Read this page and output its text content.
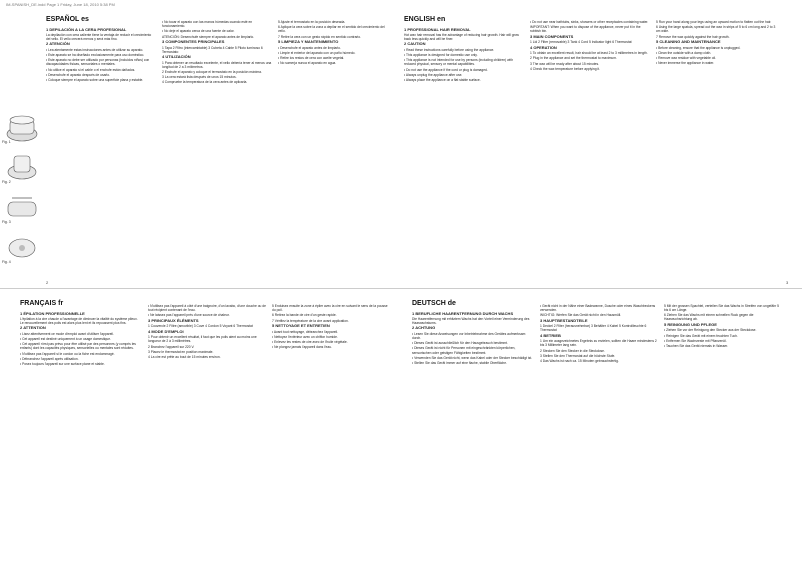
IM-SPANISH_DE.indd Page 1 Friday, June 18, 2010 5:38 PM
Fig. 1
Fig. 2
Fig. 3
Fig. 4
ESPAÑOL es

1 DEPILACIÓN A LA CERA PROFESIONAL

La depilación con cera caliente tiene la ventaja de reducir el crecimiento del vello. El vello crecerá menos y será más fino.

2 ATENCIÓN

• Lea atentamente estas instrucciones antes de utilizar su aparato.

• Este aparato se ha diseñado exclusivamente para uso doméstico.

• Este aparato no debe ser utilizado por personas (incluidos niños) con discapacidades físicas, sensoriales o mentales.

• No utilice el aparato si el cable o el enchufe están dañados.

• Desenchufe el aparato después de usarlo.

• Coloque siempre el aparato sobre una superficie plana y estable.

• No tocar el aparato con las manos húmedas cuando esté en funcionamiento.

• No deje el aparato cerca de una fuente de calor.

ATENCIÓN: Desenchufe siempre el aparato antes de limpiarlo.

3 COMPONENTES PRINCIPALES

1 Tapa 2 Filtro (intercambiable) 3 Cubeta 4 Cable 5 Piloto luminoso 6 Termostato

4 UTILIZACIÓN

1 Para obtener un resultado excelente, el vello debería tener al menos una longitud de 2 a 3 milímetros.

2 Enchufe el aparato y coloque el termostato en la posición máxima.

3 La cera estará lista después de unos 15 minutos.

4 Compruebe la temperatura de la cera antes de aplicarla.

5 Ajuste el termostato en la posición deseada.

6 Aplique la cera sobre la zona a depilar en el sentido del crecimiento del vello.

7 Retire la cera con un gesto rápido en sentido contrario.

5 LIMPIEZA Y MANTENIMIENTO

• Desenchufe el aparato antes de limpiarlo.

• Limpie el exterior del aparato con un paño húmedo.

• Retire los restos de cera con aceite vegetal.

• No sumerja nunca el aparato en agua.

ENGLISH en

1 PROFESSIONAL HAIR REMOVAL

Hot wax hair removal has the advantage of reducing hair growth. Hair will grow back less quickly and will be finer.

2 CAUTION

• Read these instructions carefully before using the appliance.

• This appliance is designed for domestic use only.

• This appliance is not intended for use by persons (including children) with reduced physical, sensory or mental capabilities.

• Do not use the appliance if the cord or plug is damaged.

• Always unplug the appliance after use.

• Always place the appliance on a flat stable surface.

• Do not use near bathtubs, sinks, showers or other receptacles containing water.

IMPORTANT: When you want to dispose of the appliance, never put it in the rubbish bin.

3 MAIN COMPONENTS

1 Lid 2 Filter (removable) 3 Tank 4 Cord 5 Indicator light 6 Thermostat

4 OPERATION

1 To obtain an excellent result, hair should be at least 2 to 3 millimetres in length.

2 Plug in the appliance and set the thermostat to maximum.

3 The wax will be ready after about 15 minutes.

4 Check the wax temperature before applying it.

5 Run your hand along your legs using an upward motion to flatten out the hair.

6 Using the large spatula, spread out the wax in strips of 5 to 6 cm long and 2 to 3 cm wide.

7 Remove the wax quickly against the hair growth.

5 CLEANING AND MAINTENANCE

• Before cleaning, ensure that the appliance is unplugged.

• Clean the outside with a damp cloth.

• Remove wax residue with vegetable oil.

• Never immerse the appliance in water.

2	3
FRANÇAIS fr

1 ÉPILATION PROFESSIONNELLE

L'épilation à la cire chaude a l'avantage de diminuer la vitalité du système pileux. Le renouvellement des poils est alors plus lent et ils repoussent plus fins.

2 ATTENTION

• Lisez attentivement ce mode d'emploi avant d'utiliser l'appareil.

• Cet appareil est destiné uniquement à un usage domestique.

• Cet appareil n'est pas prévu pour être utilisé par des personnes (y compris les enfants) dont les capacités physiques, sensorielles ou mentales sont réduites.

• N'utilisez pas l'appareil si le cordon ou la fiche est endommagé.

• Débranchez l'appareil après utilisation.

• Posez toujours l'appareil sur une surface plane et stable.

• N'utilisez pas l'appareil à côté d'une baignoire, d'un lavabo, d'une douche ou de tout récipient contenant de l'eau.

• Ne laissez pas l'appareil près d'une source de chaleur.

3 PRINCIPAUX ÉLÉMENTS

1 Couvercle 2 Filtre (amovible) 3 Cuve 4 Cordon 5 Voyant 6 Thermostat

4 MODE D'EMPLOI

1 Pour obtenir un excellent résultat, il faut que les poils aient au moins une longueur de 2 à 3 millimètres.

2 Branchez l'appareil sur 220 V.

3 Placez le thermostat en position maximale.

4 La cire est prête au bout de 15 minutes environ.

5 Enduisez ensuite la zone à épiler avec la cire en suivant le sens de la pousse du poil.

6 Retirez la bande de cire d'un geste rapide.

7 Vérifiez la température de la cire avant application.

5 NETTOYAGE ET ENTRETIEN

• Avant tout nettoyage, débranchez l'appareil.

• Nettoyez l'extérieur avec un chiffon humide.

• Enlevez les restes de cire avec de l'huile végétale.

• Ne plongez jamais l'appareil dans l'eau.

DEUTSCH de

1 BERUFLICHE HAARENTFERNUNG DURCH WACHS

Die Haarentfernung mit erhitztem Wachs hat den Vorteil einer Verminderung des Haarwachstums.

2 ACHTUNG

• Lesen Sie diese Anweisungen vor Inbetriebnahme des Gerätes aufmerksam durch.

• Dieses Gerät ist ausschließlich für den Hausgebrauch bestimmt.

• Dieses Gerät ist nicht für Personen mit eingeschränkten körperlichen, sensorischen oder geistigen Fähigkeiten bestimmt.

• Verwenden Sie das Gerät nicht, wenn das Kabel oder der Stecker beschädigt ist.

• Stellen Sie das Gerät immer auf eine flache, stabile Oberfläche.

• Gerät nicht in der Nähe einer Badewanne, Dusche oder eines Waschbeckens verwenden.

WICHTIG: Werfen Sie das Gerät nicht in den Hausmüll.

3 HAUPTBESTANDTEILE

1 Deckel 2 Filter (herausnehmbar) 3 Behälter 4 Kabel 5 Kontrollleuchte 6 Thermostat

4 BETRIEB

1 Um ein ausgezeichnetes Ergebnis zu erzielen, sollten die Haare mindestens 2 bis 3 Millimeter lang sein.

2 Stecken Sie den Stecker in die Steckdose.

3 Stellen Sie den Thermostat auf die höchste Stufe.

4 Das Wachs ist nach ca. 15 Minuten gebrauchsfertig.

5 Mit der grossen Spachtel, verteilen Sie das Wachs in Streifen von ungefähr 5 bis 6 cm Länge.

6 Ziehen Sie das Wachs mit einem schnellen Ruck gegen die Haarwuchsrichtung ab.

5 REINIGUNG UND PFLEGE

• Ziehen Sie vor der Reinigung den Stecker aus der Steckdose.

• Reinigen Sie das Gerät mit einem feuchten Tuch.

• Entfernen Sie Wachsreste mit Pflanzenöl.

• Tauchen Sie das Gerät niemals in Wasser.
